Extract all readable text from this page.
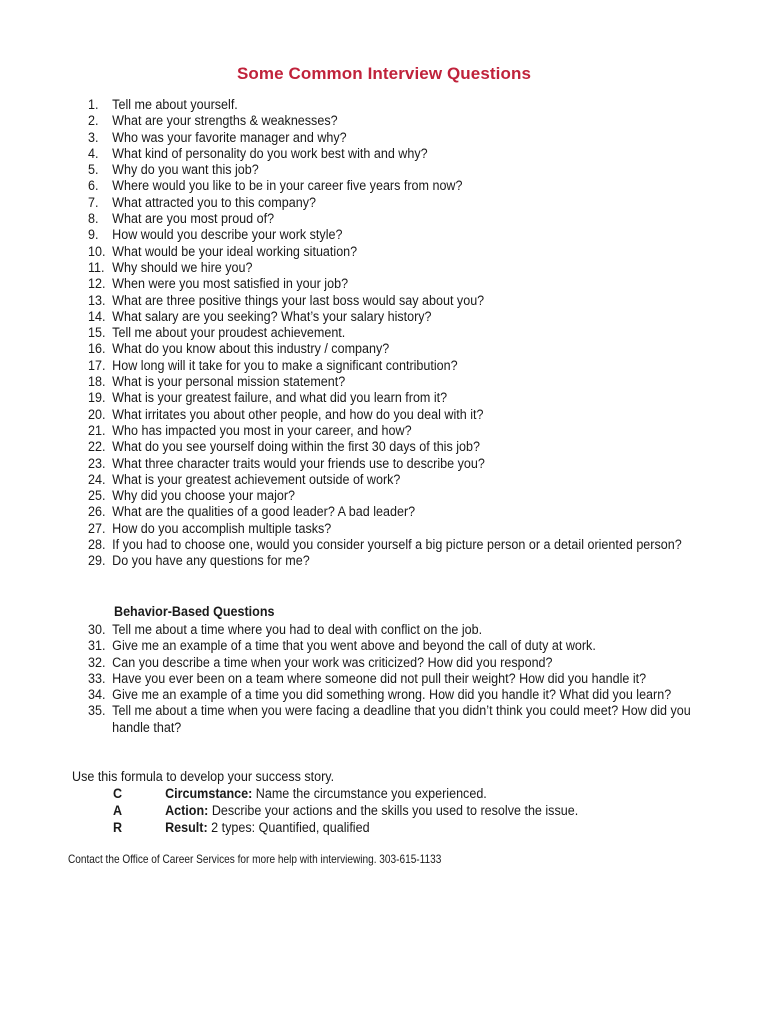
Some Common Interview Questions
1.	Tell me about yourself.
2.	What are your strengths & weaknesses?
3.	Who was your favorite manager and why?
4.	What kind of personality do you work best with and why?
5.	Why do you want this job?
6.	Where would you like to be in your career five years from now?
7.	What attracted you to this company?
8.	What are you most proud of?
9.	How would you describe your work style?
10. What would be your ideal working situation?
11. Why should we hire you?
12. When were you most satisfied in your job?
13. What are three positive things your last boss would say about you?
14. What salary are you seeking? What’s your salary history?
15. Tell me about your proudest achievement.
16. What do you know about this industry / company?
17. How long will it take for you to make a significant contribution?
18. What is your personal mission statement?
19. What is your greatest failure, and what did you learn from it?
20. What irritates you about other people, and how do you deal with it?
21. Who has impacted you most in your career, and how?
22. What do you see yourself doing within the first 30 days of this job?
23. What three character traits would your friends use to describe you?
24. What is your greatest achievement outside of work?
25. Why did you choose your major?
26. What are the qualities of a good leader? A bad leader?
27. How do you accomplish multiple tasks?
28. If you had to choose one, would you consider yourself a big picture person or a detail oriented person?
29. Do you have any questions for me?
Behavior-Based Questions
30. Tell me about a time where you had to deal with conflict on the job.
31. Give me an example of a time that you went above and beyond the call of duty at work.
32. Can you describe a time when your work was criticized? How did you respond?
33. Have you ever been on a team where someone did not pull their weight? How did you handle it?
34. Give me an example of a time you did something wrong. How did you handle it? What did you learn?
35. Tell me about a time when you were facing a deadline that you didn’t think you could meet? How did you handle that?
Use this formula to develop your success story.
C	Circumstance: Name the circumstance you experienced.
A	Action: Describe your actions and the skills you used to resolve the issue.
R	Result: 2 types: Quantified, qualified
Contact the Office of Career Services for more help with interviewing. 303-615-1133
